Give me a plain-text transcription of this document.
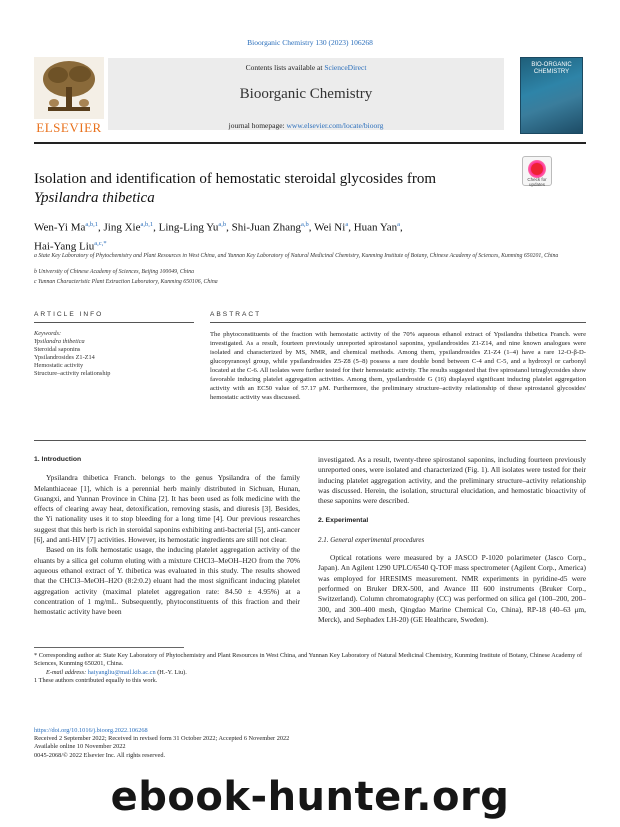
Bioorganic Chemistry 130 (2023) 106268
ELSEVIER
Contents lists available at ScienceDirect
Bioorganic Chemistry
journal homepage: www.elsevier.com/locate/bioorg
BIO-ORGANIC CHEMISTRY
Isolation and identification of hemostatic steroidal glycosides from
Ypsilandra thibetica
Check for updates
Wen-Yi Ma$^{a,b,1}$, Jing Xie$^{a,b,1}$, Ling-Ling Yu$^{a,b}$, Shi-Juan Zhang$^{a,b}$, Wei Ni$^a$, Huan Yan$^a$,
Hai-Yang Liu$^{a,c,*}$
a State Key Laboratory of Phytochemistry and Plant Resources in West China, and Yunnan Key Laboratory of Natural Medicinal Chemistry, Kunming Institute of Botany, Chinese Academy of Sciences, Kunming 650201, China
b University of Chinese Academy of Sciences, Beijing 100049, China
c Yunnan Characteristic Plant Extraction Laboratory, Kunming 650106, China
ARTICLE INFO	ABSTRACT
Keywords:
Ypsilandra thibetica
Steroidal saponins
Ypsilandrosides Z1-Z14
Hemostatic activity
Structure–activity relationship
The phytoconstituents of the fraction with hemostatic activity of the 70% aqueous ethanol extract of Ypsilandra thibetica Franch. were investigated. As a result, fourteen previously unreported spirostanol saponins, ypsilandrosides Z1-Z14, and nine known analogues were isolated and characterized by MS, NMR, and chemical methods. Among them, ypsilandrosides Z1-Z4 (1–4) have a rare 12-O-β-D-glucopyranosyl group, while ypsilandrosides Z5-Z8 (5–8) possess a rare double bond between C-4 and C-5, and a hydroxyl or carbonyl located at the C-6. All isolates were further tested for their hemostatic activity. The results suggested that five spirostanol tetraglycosides show favorable inducing platelet aggregation activities. Among them, ypsilandroside G (16) displayed significant inducing platelet aggregation activity with an EC50 value of 57.17 μM. Furthermore, the preliminary structure–activity relationship of these spirostanol glycosides' hemostatic activity was discussed.
1. Introduction

Ypsilandra thibetica Franch. belongs to the genus Ypsilandra of the family Melanthiaceae [1], which is a perennial herb mainly distributed in Sichuan, Hunan, Guangxi, and Yunnan Province in China [2]. It has been used as folk medicine with the effects of clearing away heat, detoxification, removing stasis, and diuresis [3]. Besides, the Yi nationality uses it to stop bleeding for a long time [4]. Our previous researches suggest that this herb is rich in steroidal saponins exhibiting anti-bacterial [5], anti-cancer [6], and anti-HIV [7] activities. However, its hemostatic ingredients are still not clear.

Based on its folk hemostatic usage, the inducing platelet aggregation activity of the eluants by a silica gel column eluting with a mixture CHCl3–MeOH–H2O from the 70% aqueous ethanol extract of Y. thibetica was evaluated in this study. The results showed that the CHCl3–MeOH–H2O (8:2:0.2) eluant had the most significant inducing platelet aggregation activity (maximal platelet aggregation rate: 84.50 ± 4.95%) at a concentration of 1 mg/mL. Subsequently, phytoconstituents of this fraction and their hemostatic activity have been

investigated. As a result, twenty-three spirostanol saponins, including fourteen previously unreported ones, were isolated and characterized (Fig. 1). All isolates were tested for their inducing platelet aggregation activity, and the preliminary structure–activity relationship was discussed. Herein, the isolation, structural elucidation, and hemostatic bioactivity of these saponins were described.

2. Experimental
2.1. General experimental procedures

Optical rotations were measured by a JASCO P-1020 polarimeter (Jasco Corp., Japan). An Agilent 1290 UPLC/6540 Q-TOF mass spectrometer (Agilent Corp., America) was employed for HRESIMS measurement. NMR experiments in pyridine-d5 were performed on Bruker DRX-500, and Avance III 600 instruments (Bruker Corp., Switzerland). Column chromatography (CC) was performed on silica gel (100–200, 200–300, and 300–400 mesh, Qingdao Marine Chemical Co, China), RP-18 (40–63 μm, Merck), and Sephadex LH-20) (GE Healthcare, Sweden).

* Corresponding author at: State Key Laboratory of Phytochemistry and Plant Resources in West China, and Yunnan Key Laboratory of Natural Medicinal Chemistry, Kunming Institute of Botany, Chinese Academy of Sciences, Kunming 650201, China.
E-mail address: haiyangliu@mail.kib.ac.cn (H.-Y. Liu).
1 These authors contributed equally to this work.
https://doi.org/10.1016/j.bioorg.2022.106268
Received 2 September 2022; Received in revised form 31 October 2022; Accepted 6 November 2022
Available online 10 November 2022
0045-2068/© 2022 Elsevier Inc. All rights reserved.
ebook-hunter.org
